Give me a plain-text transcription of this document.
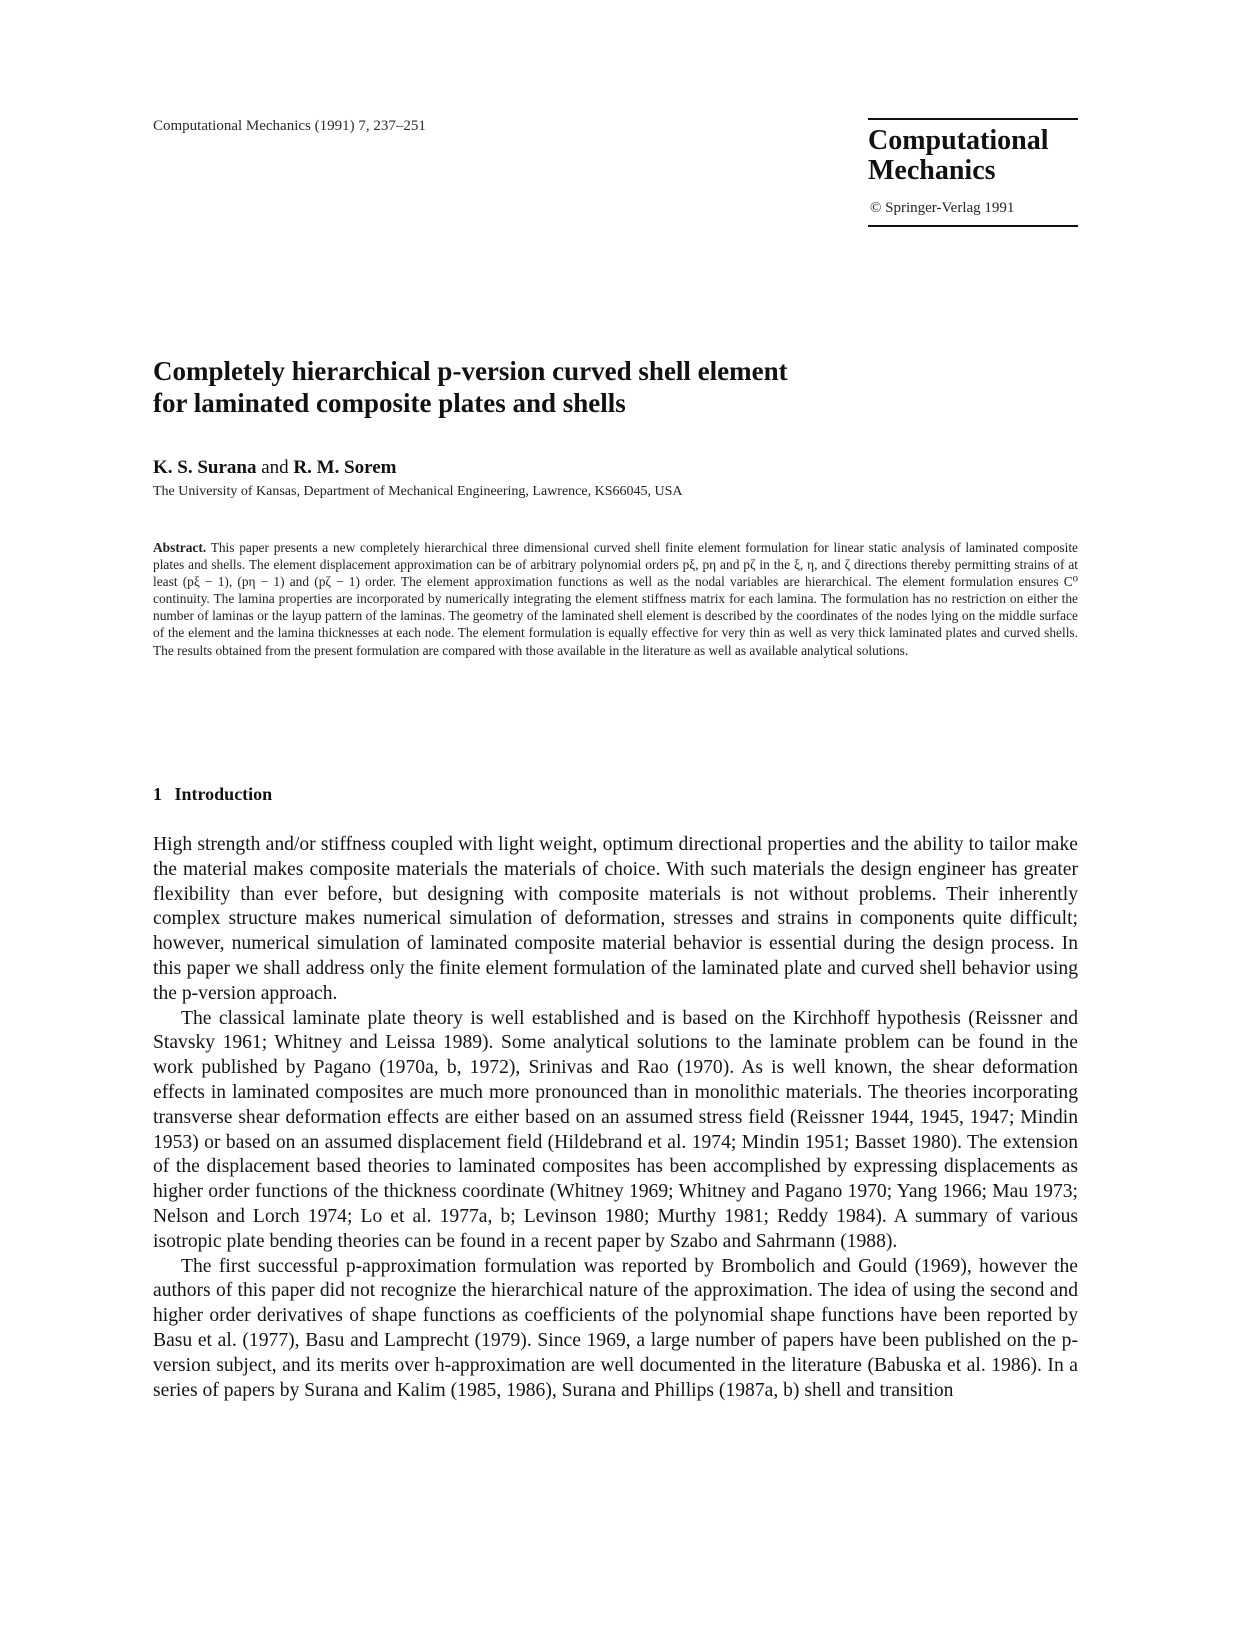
Computational Mechanics (1991) 7, 237–251	Computational
Mechanics
© Springer-Verlag 1991
Completely hierarchical p-version curved shell element
for laminated composite plates and shells
K. S. Surana and R. M. Sorem
The University of Kansas, Department of Mechanical Engineering, Lawrence, KS66045, USA
Abstract. This paper presents a new completely hierarchical three dimensional curved shell finite element formulation for linear static analysis of laminated composite plates and shells. The element displacement approximation can be of arbitrary polynomial orders pξ, pη and pζ in the ξ, η, and ζ directions thereby permitting strains of at least (pξ − 1), (pη − 1) and (pζ − 1) order. The element approximation functions as well as the nodal variables are hierarchical. The element formulation ensures C⁰ continuity. The lamina properties are incorporated by numerically integrating the element stiffness matrix for each lamina. The formulation has no restriction on either the number of laminas or the layup pattern of the laminas. The geometry of the laminated shell element is described by the coordinates of the nodes lying on the middle surface of the element and the lamina thicknesses at each node. The element formulation is equally effective for very thin as well as very thick laminated plates and curved shells. The results obtained from the present formulation are compared with those available in the literature as well as available analytical solutions.
1 Introduction

High strength and/or stiffness coupled with light weight, optimum directional properties and the ability to tailor make the material makes composite materials the materials of choice. With such materials the design engineer has greater flexibility than ever before, but designing with composite materials is not without problems. Their inherently complex structure makes numerical simulation of deformation, stresses and strains in components quite difficult; however, numerical simulation of laminated composite material behavior is essential during the design process. In this paper we shall address only the finite element formulation of the laminated plate and curved shell behavior using the p-version approach.

The classical laminate plate theory is well established and is based on the Kirchhoff hypothesis (Reissner and Stavsky 1961; Whitney and Leissa 1989). Some analytical solutions to the laminate problem can be found in the work published by Pagano (1970a, b, 1972), Srinivas and Rao (1970). As is well known, the shear deformation effects in laminated composites are much more pronounced than in monolithic materials. The theories incorporating transverse shear deformation effects are either based on an assumed stress field (Reissner 1944, 1945, 1947; Mindin 1953) or based on an assumed displacement field (Hildebrand et al. 1974; Mindin 1951; Basset 1980). The extension of the displacement based theories to laminated composites has been accomplished by expressing displacements as higher order functions of the thickness coordinate (Whitney 1969; Whitney and Pagano 1970; Yang 1966; Mau 1973; Nelson and Lorch 1974; Lo et al. 1977a, b; Levinson 1980; Murthy 1981; Reddy 1984). A summary of various isotropic plate bending theories can be found in a recent paper by Szabo and Sahrmann (1988).

The first successful p-approximation formulation was reported by Brombolich and Gould (1969), however the authors of this paper did not recognize the hierarchical nature of the approximation. The idea of using the second and higher order derivatives of shape functions as coefficients of the polynomial shape functions have been reported by Basu et al. (1977), Basu and Lamprecht (1979). Since 1969, a large number of papers have been published on the p-version subject, and its merits over h-approximation are well documented in the literature (Babuska et al. 1986). In a series of papers by Surana and Kalim (1985, 1986), Surana and Phillips (1987a, b) shell and transition
